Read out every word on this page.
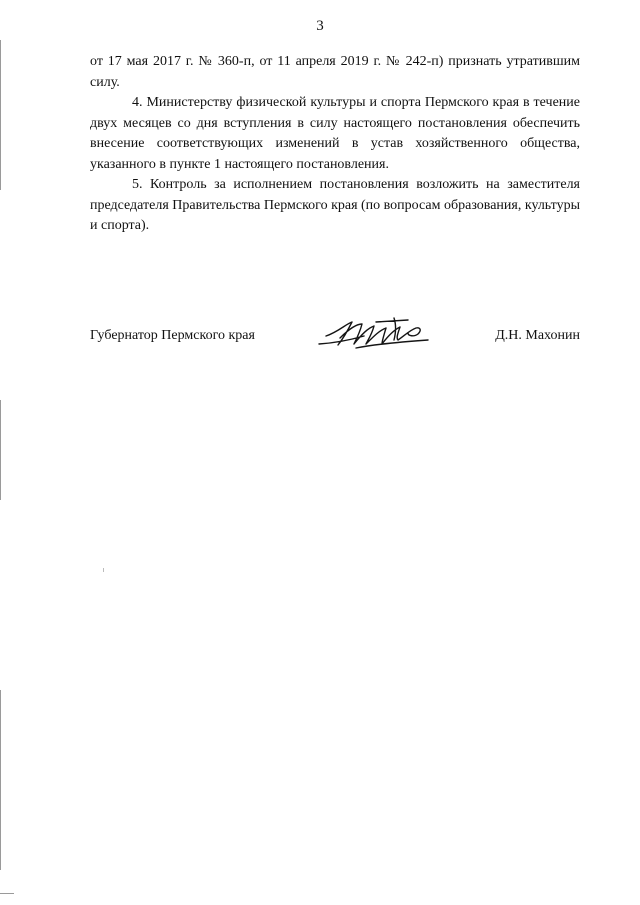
3

от 17 мая 2017 г. № 360-п, от 11 апреля 2019 г. № 242-п) признать утратившим силу.

4. Министерству физической культуры и спорта Пермского края в течение двух месяцев со дня вступления в силу настоящего постановления обеспечить внесение соответствующих изменений в устав хозяйственного общества, указанного в пункте 1 настоящего постановления.

5. Контроль за исполнением постановления возложить на заместителя председателя Правительства Пермского края (по вопросам образования, культуры и спорта).

Губернатор Пермского края	Д.Н. Махонин
